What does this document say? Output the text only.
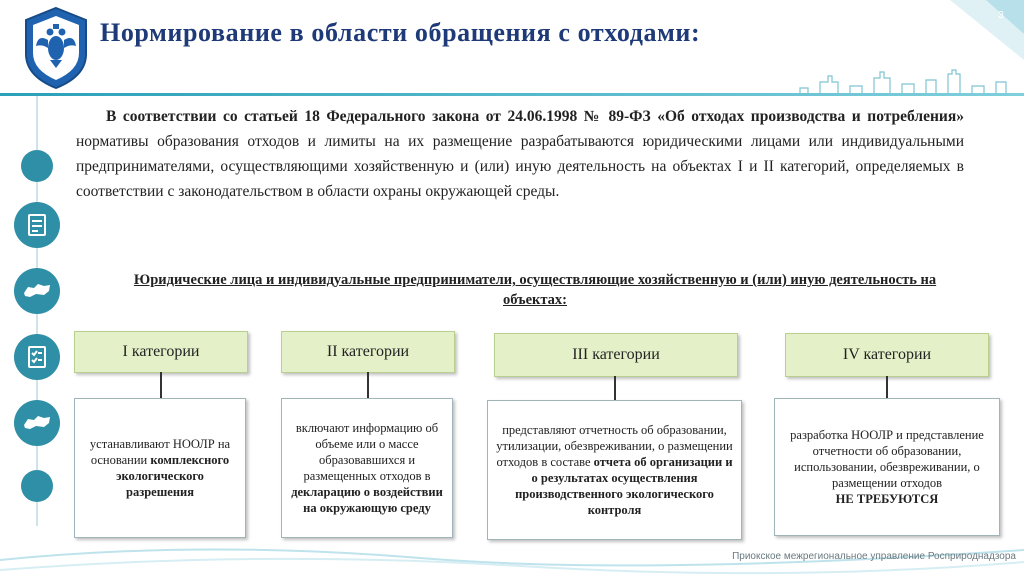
3
Нормирование в области обращения с отходами:
В соответствии со статьей 18 Федерального закона от 24.06.1998 № 89-ФЗ «Об отходах производства и потребления» нормативы образования отходов и лимиты на их размещение разрабатываются юридическими лицами или индивидуальными предпринимателями, осуществляющими хозяйственную и (или) иную деятельность на объектах I и II категорий, определяемых в соответствии с законодательством в области охраны окружающей среды.
Юридические лица и индивидуальные предприниматели, осуществляющие хозяйственную и (или) иную деятельность на объектах:
I категории
устанавливают НООЛР на основании комплексного экологического разрешения
II категории
включают информацию об объеме или о массе образовавшихся и размещенных отходов в декларацию о воздействии на окружающую среду
III категории
представляют отчетность об образовании, утилизации, обезвреживании, о размещении отходов в составе отчета об организации и о результатах осуществления производственного экологического контроля
IV категории
разработка НООЛР и представление отчетности об образовании, использовании, обезвреживании, о размещении отходов
НЕ ТРЕБУЮТСЯ
Приокское межрегиональное управление Росприроднадзора
